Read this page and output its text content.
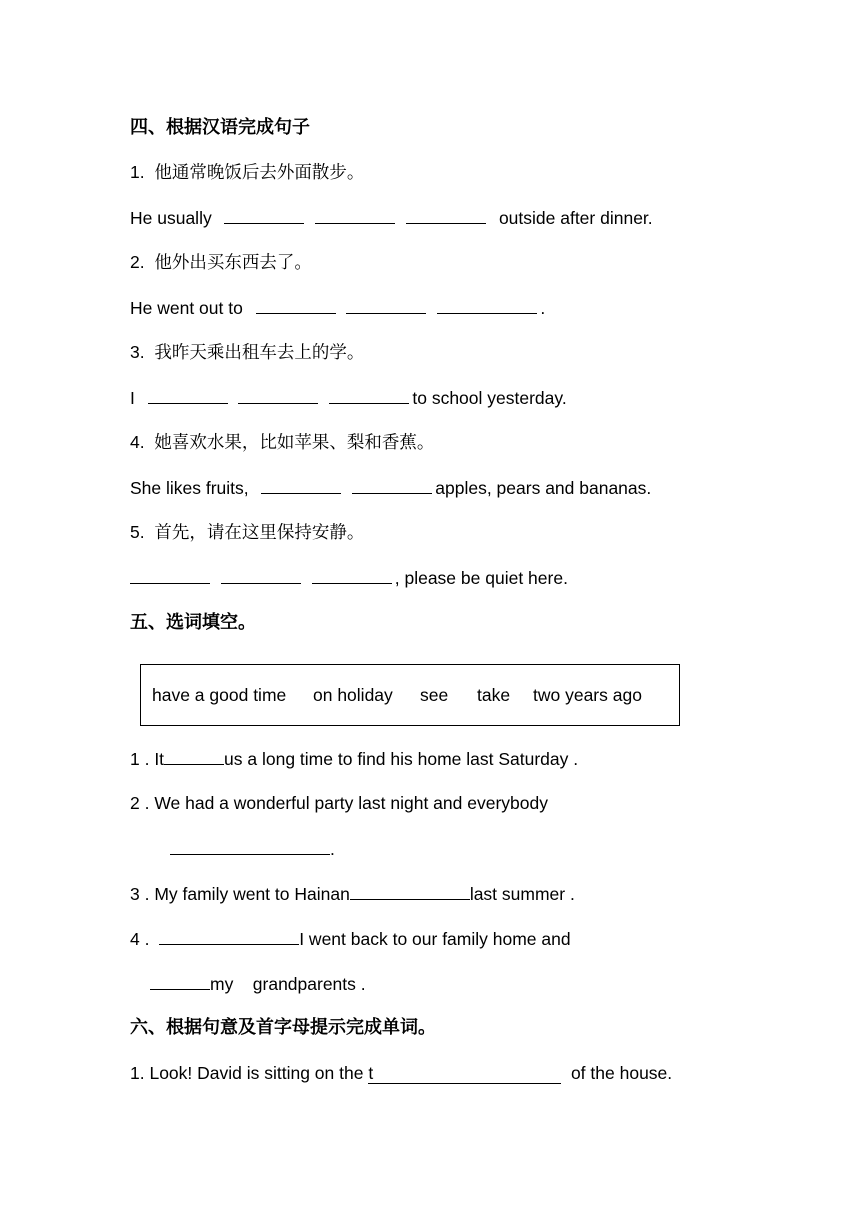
四、根据汉语完成句子
1. 他通常晚饭后去外面散步。
He usually	outside after dinner.
2. 他外出买东西去了。
He went out to	.
3. 我昨天乘出租车去上的学。
I	to school yesterday.
4. 她喜欢水果，比如苹果、梨和香蕉。
She likes fruits,	apples, pears and bananas.
5. 首先，请在这里保持安静。
, please be quiet here.
五、选词填空。
have a good time on holiday see take two years ago
1 . It	us a long time to find his home last Saturday .
2 . We had a wonderful party last night and everybody
.
3 . My family went to Hainan	last summer .
4 .	I went back to our family home and
my    grandparents .
六、根据句意及首字母提示完成单词。
1. Look! David is sitting on the t	of the house.
